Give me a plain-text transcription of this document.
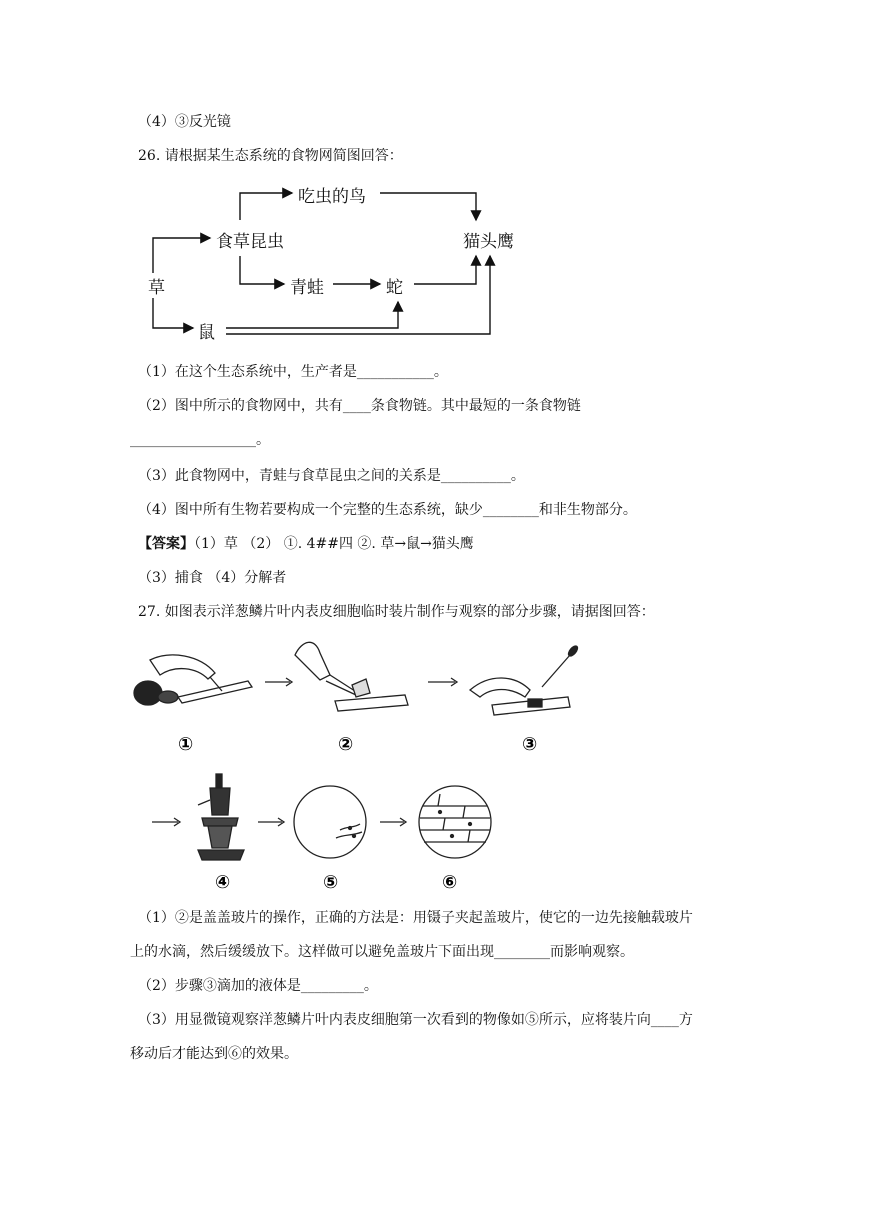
（4）③反光镜
26. 请根据某生态系统的食物网简图回答：
草
食草昆虫
吃虫的鸟
青蛙	蛇
鼠
猫头鹰
（1）在这个生态系统中，生产者是___________。
（2）图中所示的食物网中，共有____条食物链。其中最短的一条食物链
__________________。
（3）此食物网中，青蛙与食草昆虫之间的关系是__________。
（4）图中所有生物若要构成一个完整的生态系统，缺少________和非生物部分。
【答案】（1）草 （2） ①. 4##四 ②. 草→鼠→猫头鹰
（3）捕食 （4）分解者
27. 如图表示洋葱鳞片叶内表皮细胞临时装片制作与观察的部分步骤，请据图回答：
①	②	③
④	⑤	⑥
（1）②是盖盖玻片的操作，正确的方法是：用镊子夹起盖玻片，使它的一边先接触载玻片
上的水滴，然后缓缓放下。这样做可以避免盖玻片下面出现________而影响观察。
（2）步骤③滴加的液体是_________。
（3）用显微镜观察洋葱鳞片叶内表皮细胞第一次看到的物像如⑤所示，应将装片向____方
移动后才能达到⑥的效果。
